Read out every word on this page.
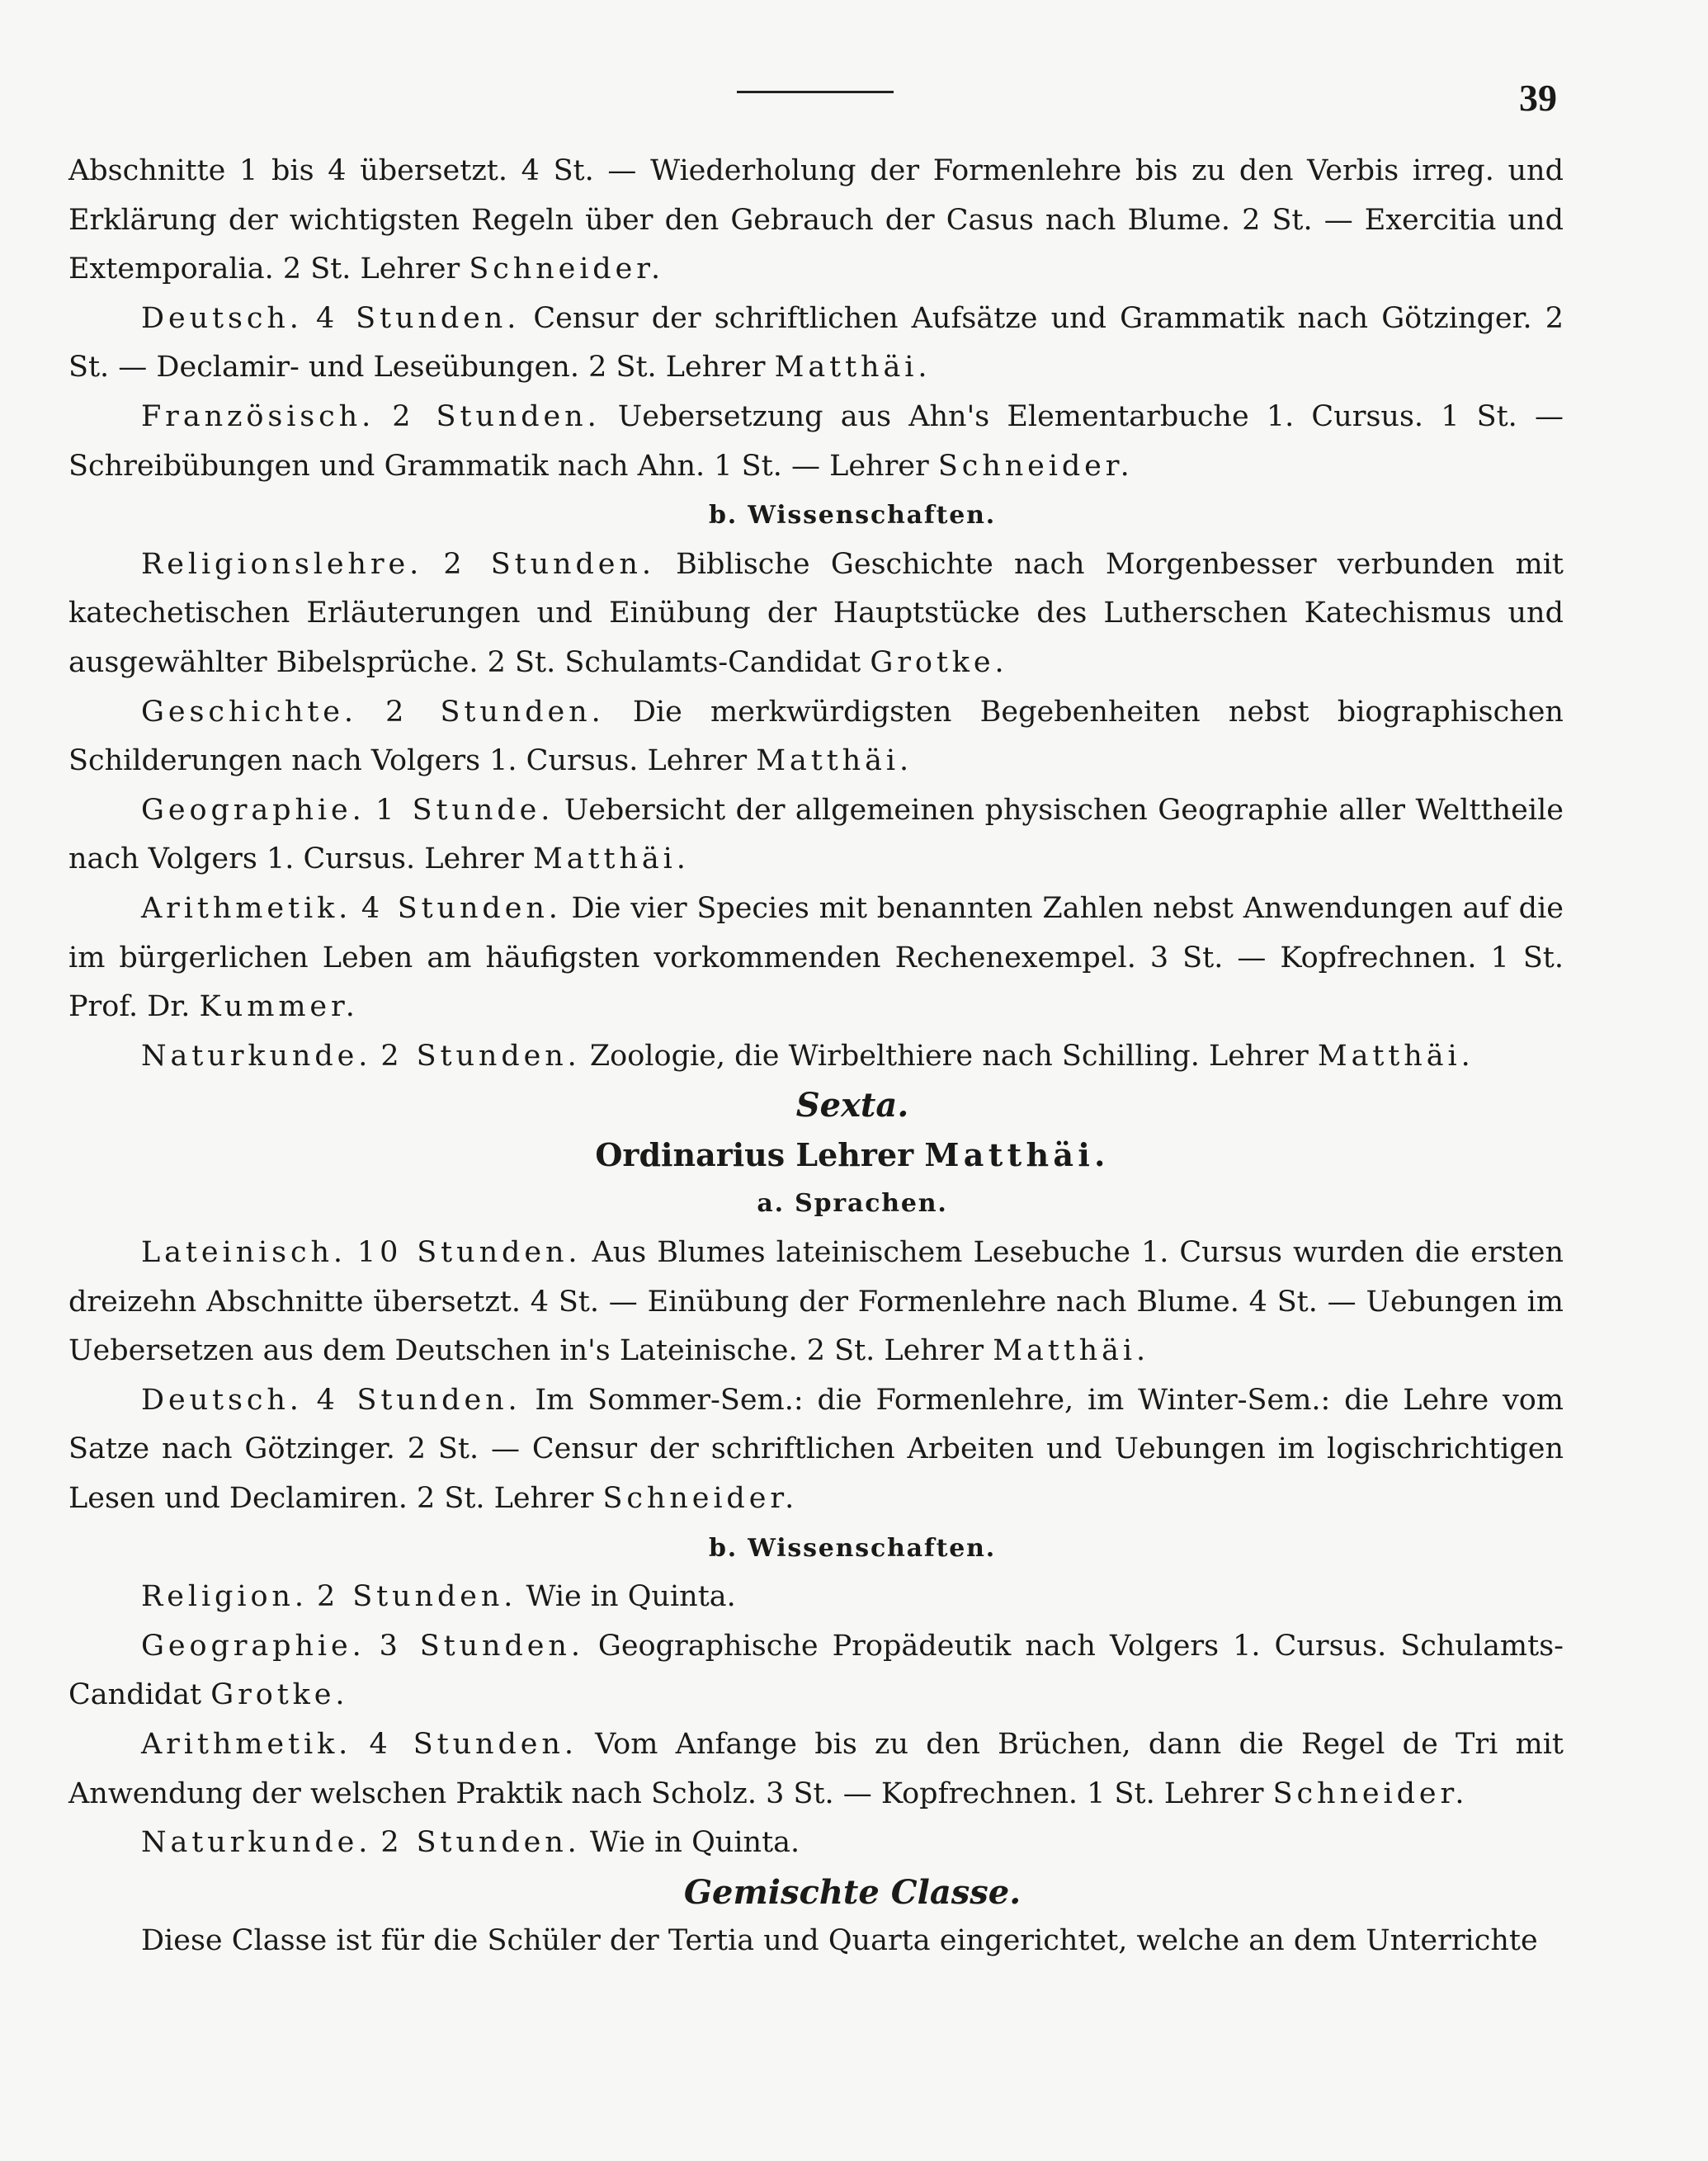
39

Abschnitte 1 bis 4 übersetzt. 4 St. — Wiederholung der Formenlehre bis zu den Verbis irreg. und Erklärung der wichtigsten Regeln über den Gebrauch der Casus nach Blume. 2 St. — Exercitia und Extemporalia. 2 St. Lehrer Schneider.

Deutsch. 4 Stunden. Censur der schriftlichen Aufsätze und Grammatik nach Götzinger. 2 St. — Declamir- und Leseübungen. 2 St. Lehrer Matthäi.

Französisch. 2 Stunden. Uebersetzung aus Ahn's Elementarbuche 1. Cursus. 1 St. — Schreibübungen und Grammatik nach Ahn. 1 St. — Lehrer Schneider.

b. Wissenschaften.

Religionslehre. 2 Stunden. Biblische Geschichte nach Morgenbesser verbunden mit katechetischen Erläuterungen und Einübung der Hauptstücke des Lutherschen Katechismus und ausgewählter Bibelsprüche. 2 St. Schulamts-Candidat Grotke.

Geschichte. 2 Stunden. Die merkwürdigsten Begebenheiten nebst biographischen Schilderungen nach Volgers 1. Cursus. Lehrer Matthäi.

Geographie. 1 Stunde. Uebersicht der allgemeinen physischen Geographie aller Welttheile nach Volgers 1. Cursus. Lehrer Matthäi.

Arithmetik. 4 Stunden. Die vier Species mit benannten Zahlen nebst Anwendungen auf die im bürgerlichen Leben am häufigsten vorkommenden Rechenexempel. 3 St. — Kopfrechnen. 1 St. Prof. Dr. Kummer.

Naturkunde. 2 Stunden. Zoologie, die Wirbelthiere nach Schilling. Lehrer Matthäi.

Sexta.

Ordinarius Lehrer Matthäi.

a. Sprachen.

Lateinisch. 10 Stunden. Aus Blumes lateinischem Lesebuche 1. Cursus wurden die ersten dreizehn Abschnitte übersetzt. 4 St. — Einübung der Formenlehre nach Blume. 4 St. — Uebungen im Uebersetzen aus dem Deutschen in's Lateinische. 2 St. Lehrer Matthäi.

Deutsch. 4 Stunden. Im Sommer-Sem.: die Formenlehre, im Winter-Sem.: die Lehre vom Satze nach Götzinger. 2 St. — Censur der schriftlichen Arbeiten und Uebungen im logischrichtigen Lesen und Declamiren. 2 St. Lehrer Schneider.

b. Wissenschaften.

Religion. 2 Stunden. Wie in Quinta.

Geographie. 3 Stunden. Geographische Propädeutik nach Volgers 1. Cursus. Schulamts-Candidat Grotke.

Arithmetik. 4 Stunden. Vom Anfange bis zu den Brüchen, dann die Regel de Tri mit Anwendung der welschen Praktik nach Scholz. 3 St. — Kopfrechnen. 1 St. Lehrer Schneider.

Naturkunde. 2 Stunden. Wie in Quinta.

Gemischte Classe.

Diese Classe ist für die Schüler der Tertia und Quarta eingerichtet, welche an dem Unterrichte
